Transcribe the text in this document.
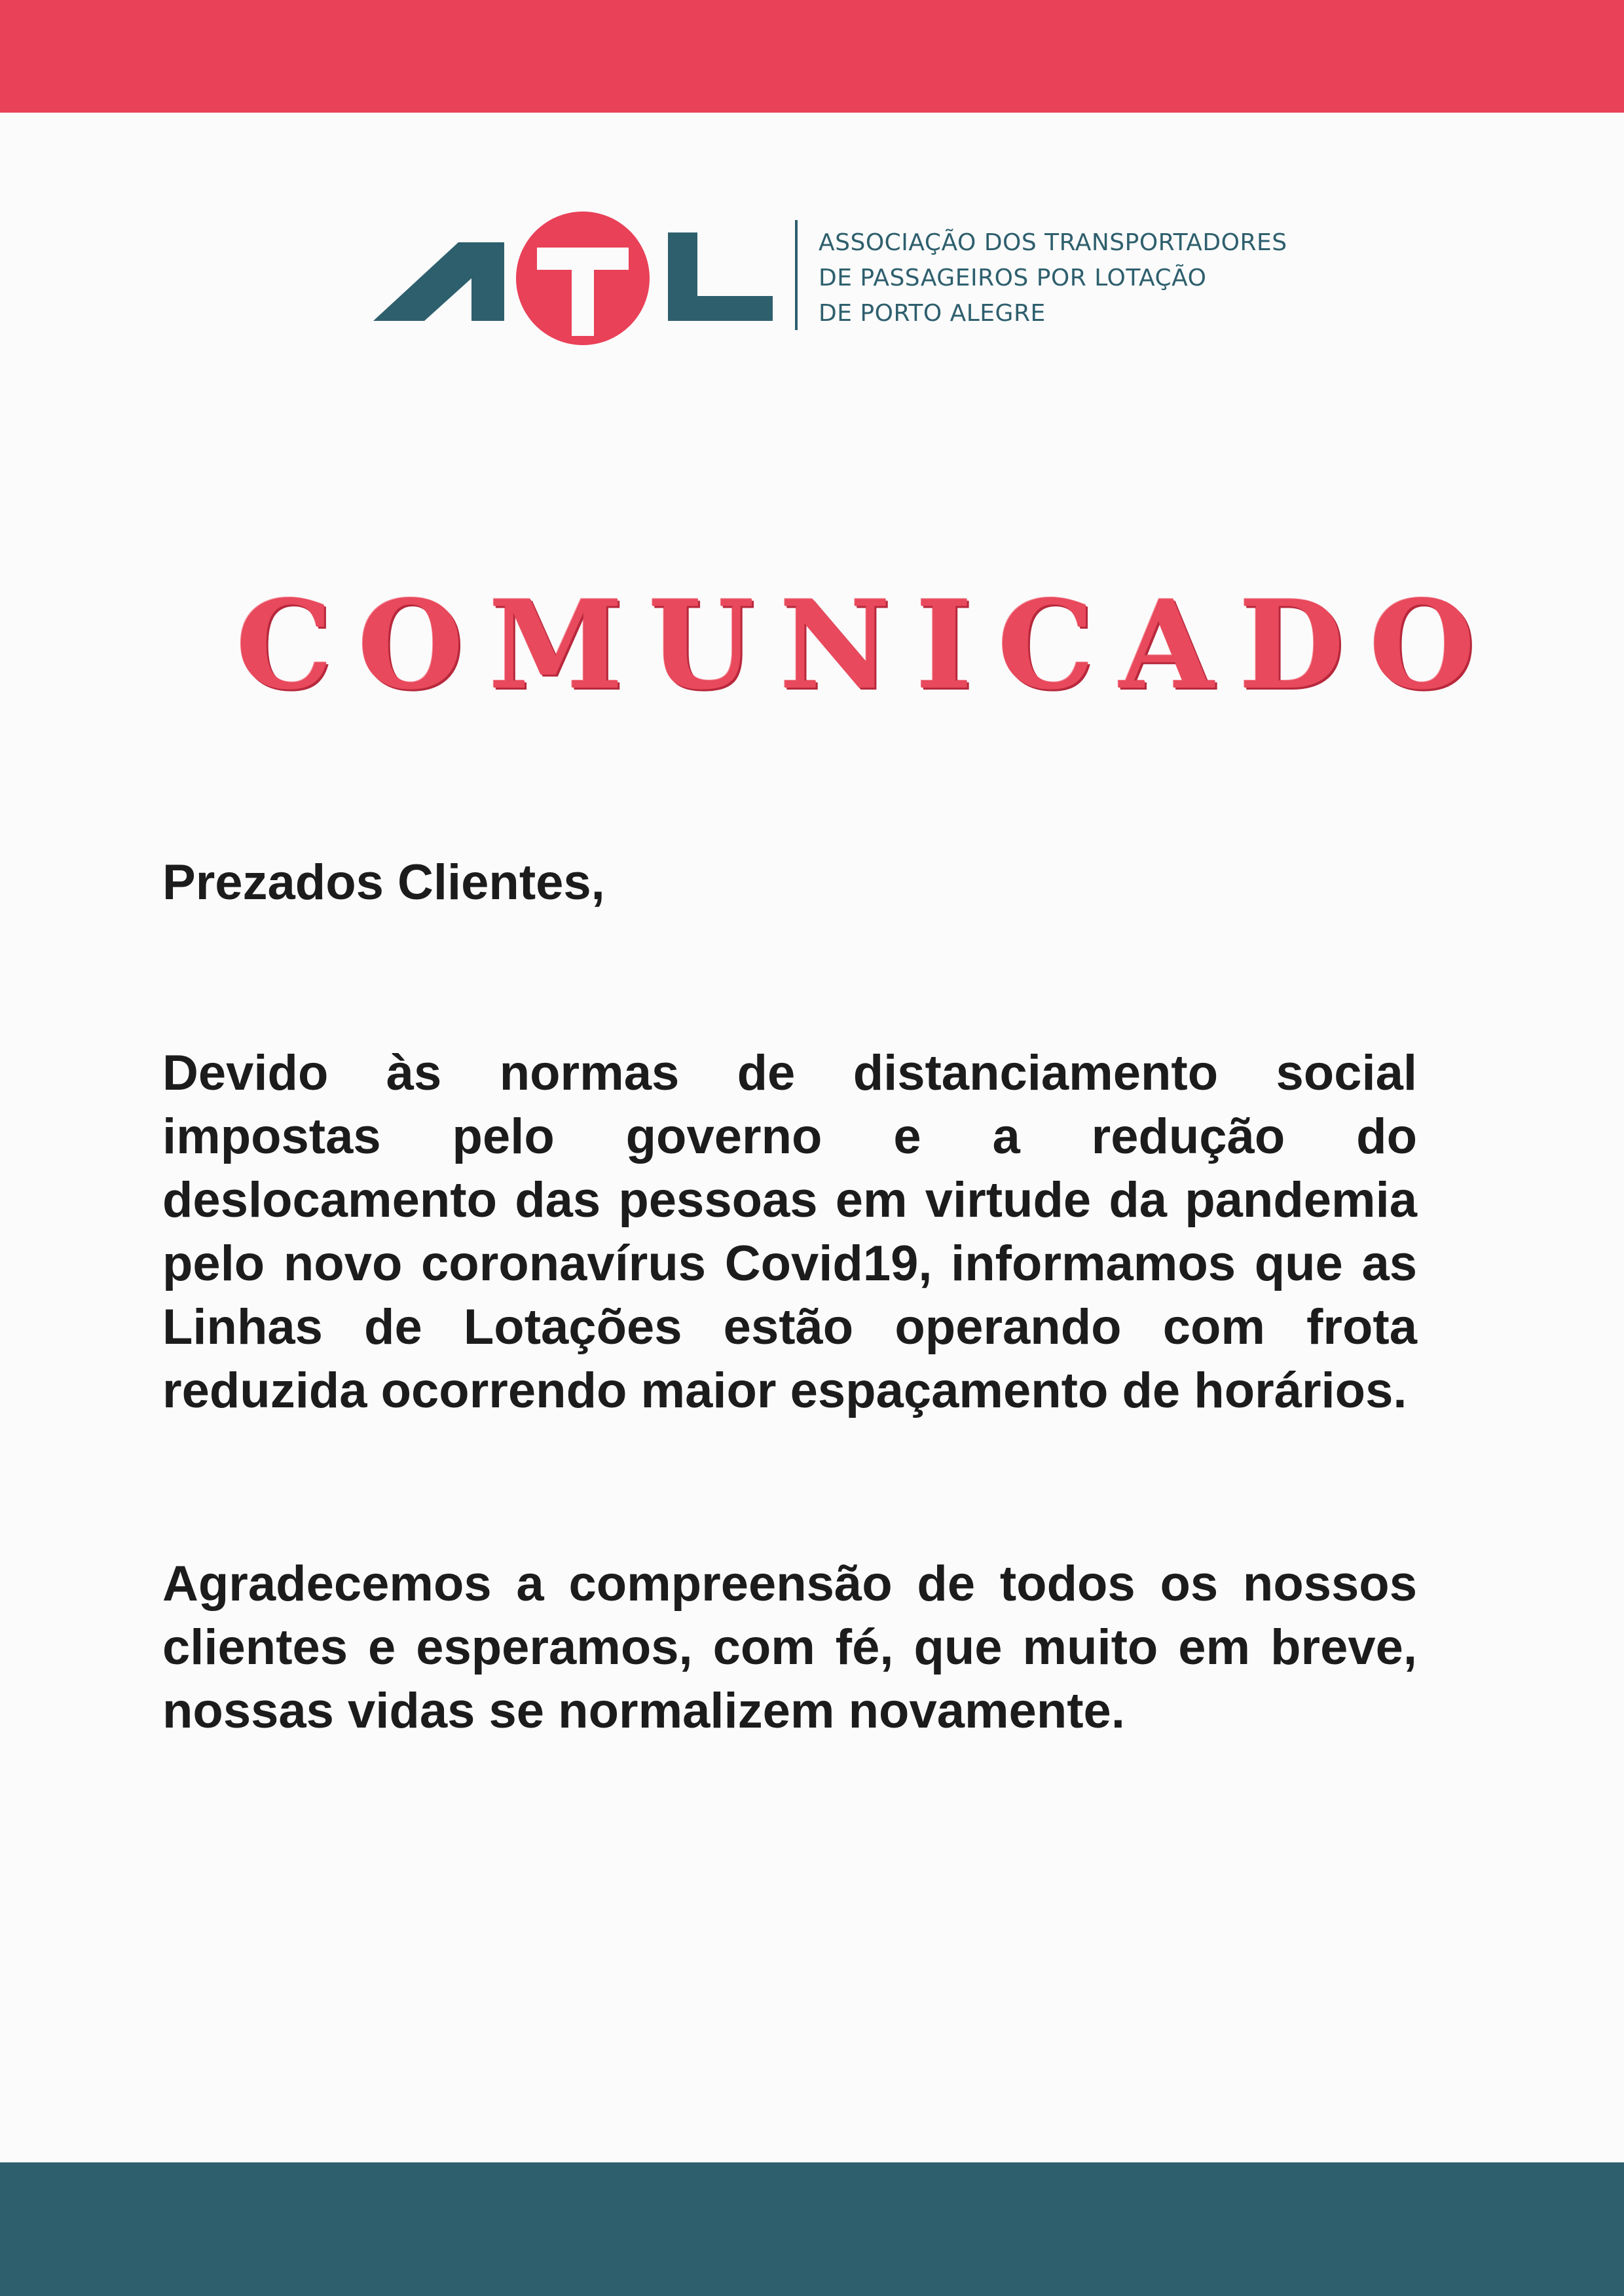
ASSOCIAÇÃO DOS TRANSPORTADORES
DE PASSAGEIROS POR LOTAÇÃO
DE PORTO ALEGRE
COMUNICADO
Prezados Clientes,
Devido às normas de distanciamento social impostas pelo governo e a redução do deslocamento das pessoas em virtude da pandemia pelo novo coronavírus Covid19, informamos que as Linhas de Lotações estão operando com frota reduzida ocorrendo maior espaçamento de horários.
Agradecemos a compreensão de todos os nossos clientes e esperamos, com fé, que muito em breve, nossas vidas se normalizem novamente.
